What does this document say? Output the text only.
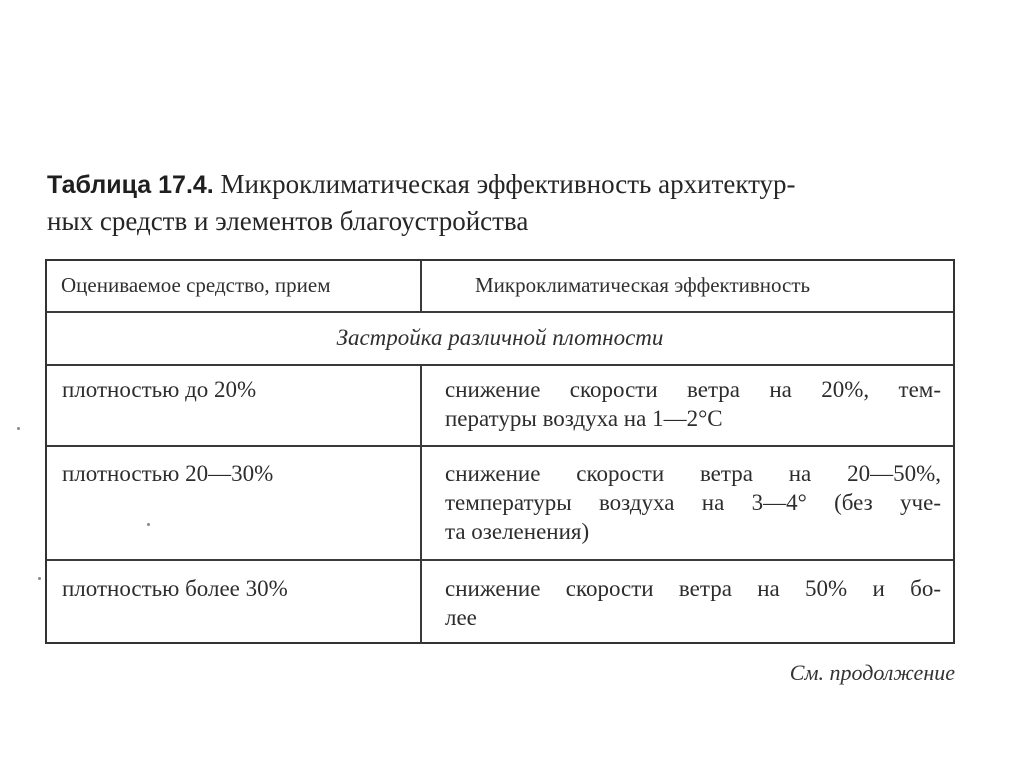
Таблица 17.4. Микроклиматическая эффективность архитектур-
ных средств и элементов благоустройства
Оцениваемое средство, прием	Микроклиматическая эффективность
Застройка различной плотности
плотностью до 20%	снижение скорости ветра на 20%, тем-
пературы воздуха на 1—2°С
плотностью 20—30%	снижение скорости ветра на 20—50%,
температуры воздуха на 3—4° (без уче-
та озеленения)
плотностью более 30%	снижение скорости ветра на 50% и бо-
лее
См. продолжение
